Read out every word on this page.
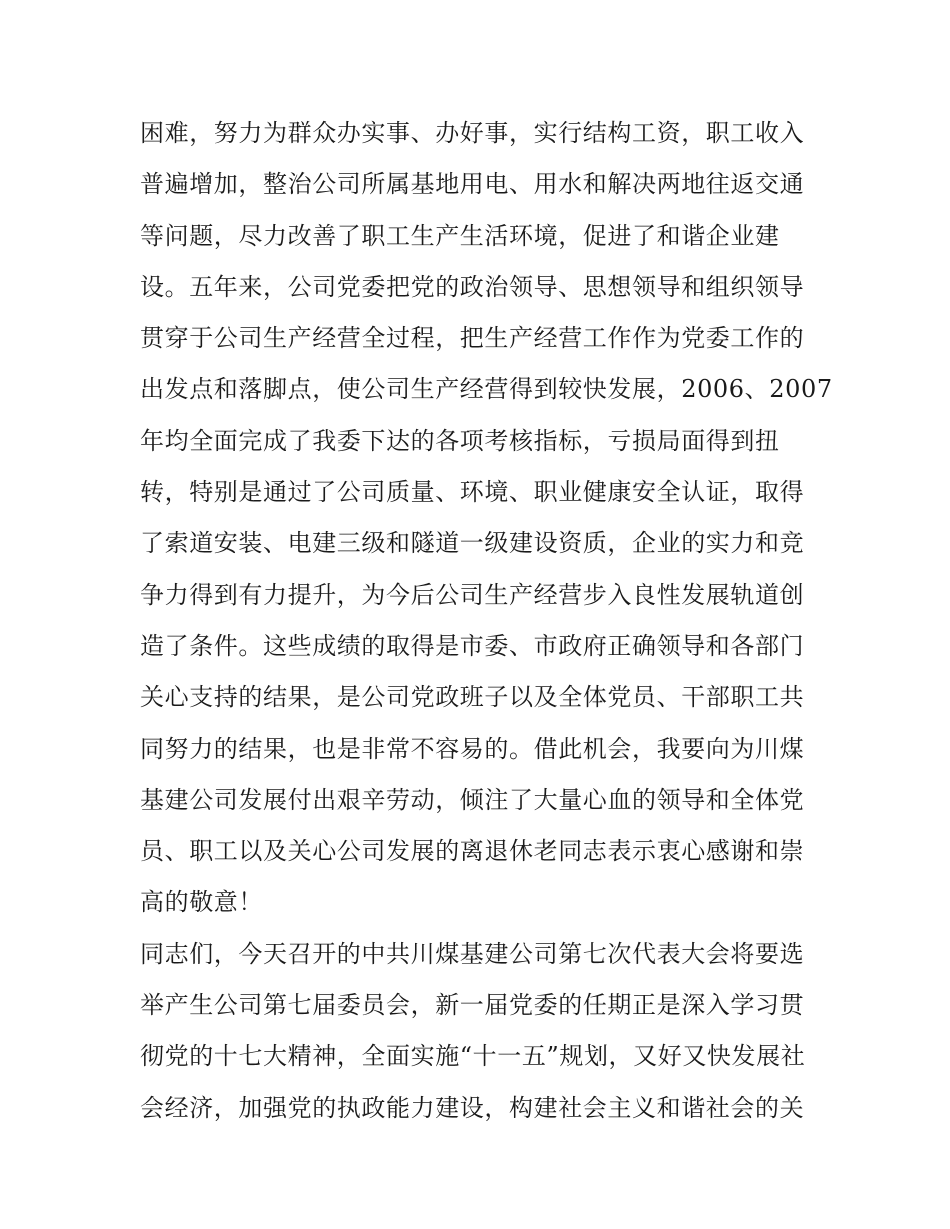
困难，努力为群众办实事、办好事，实行结构工资，职工收入
普遍增加，整治公司所属基地用电、用水和解决两地往返交通
等问题，尽力改善了职工生产生活环境，促进了和谐企业建
设。五年来，公司党委把党的政治领导、思想领导和组织领导
贯穿于公司生产经营全过程，把生产经营工作作为党委工作的
出发点和落脚点，使公司生产经营得到较快发展，2006、2007
年均全面完成了我委下达的各项考核指标，亏损局面得到扭
转，特别是通过了公司质量、环境、职业健康安全认证，取得
了索道安装、电建三级和隧道一级建设资质，企业的实力和竞
争力得到有力提升，为今后公司生产经营步入良性发展轨道创
造了条件。这些成绩的取得是市委、市政府正确领导和各部门
关心支持的结果，是公司党政班子以及全体党员、干部职工共
同努力的结果，也是非常不容易的。借此机会，我要向为川煤
基建公司发展付出艰辛劳动，倾注了大量心血的领导和全体党
员、职工以及关心公司发展的离退休老同志表示衷心感谢和崇
高的敬意！
同志们，今天召开的中共川煤基建公司第七次代表大会将要选
举产生公司第七届委员会，新一届党委的任期正是深入学习贯
彻党的十七大精神，全面实施“十一五”规划，又好又快发展社
会经济，加强党的执政能力建设，构建社会主义和谐社会的关
